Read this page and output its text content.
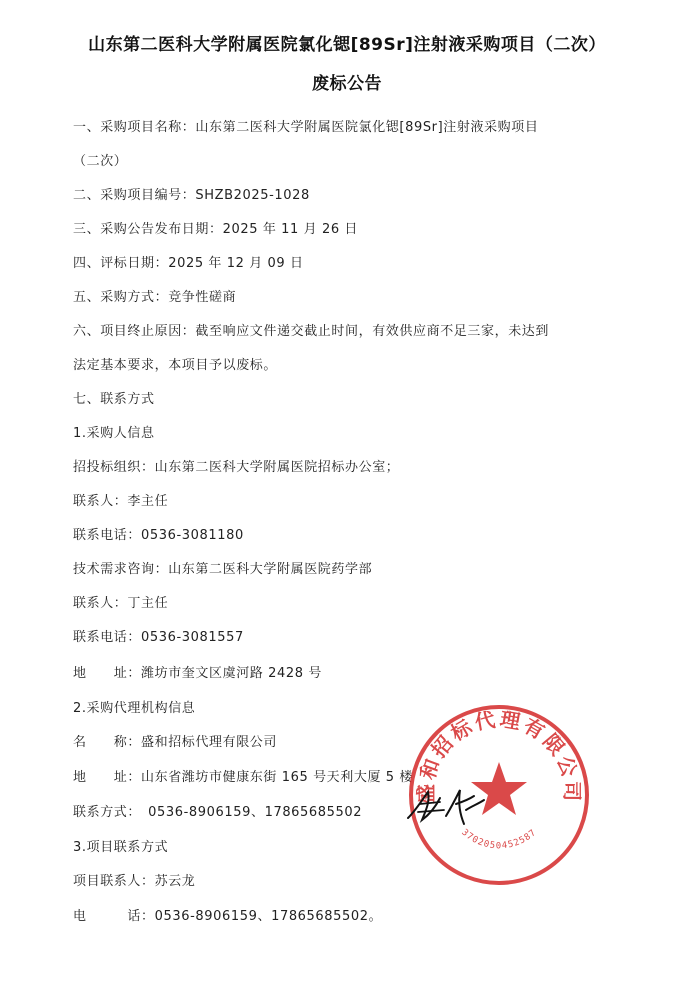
山东第二医科大学附属医院氯化锶[89Sr]注射液采购项目（二次）
废标公告
一、采购项目名称：山东第二医科大学附属医院氯化锶[89Sr]注射液采购项目
（二次）
二、采购项目编号：SHZB2025-1028
三、采购公告发布日期：2025 年 11 月 26 日
四、评标日期：2025 年 12 月 09 日
五、采购方式：竞争性磋商
六、项目终止原因：截至响应文件递交截止时间，有效供应商不足三家，未达到
法定基本要求，本项目予以废标。
七、联系方式
1.采购人信息
招投标组织：山东第二医科大学附属医院招标办公室；
联系人：李主任
联系电话：0536-3081180
技术需求咨询：山东第二医科大学附属医院药学部
联系人：丁主任
联系电话：0536-3081557
地　　址：潍坊市奎文区虞河路 2428 号
2.采购代理机构信息
名　　称：盛和招标代理有限公司
地　　址：山东省潍坊市健康东街 165 号天利大厦 5 楼
联系方式：　0536-8906159、17865685502
3.项目联系方式
项目联系人：苏云龙
电　　　话：0536-8906159、17865685502。
盛和招标代理有限公司
3702050452587
